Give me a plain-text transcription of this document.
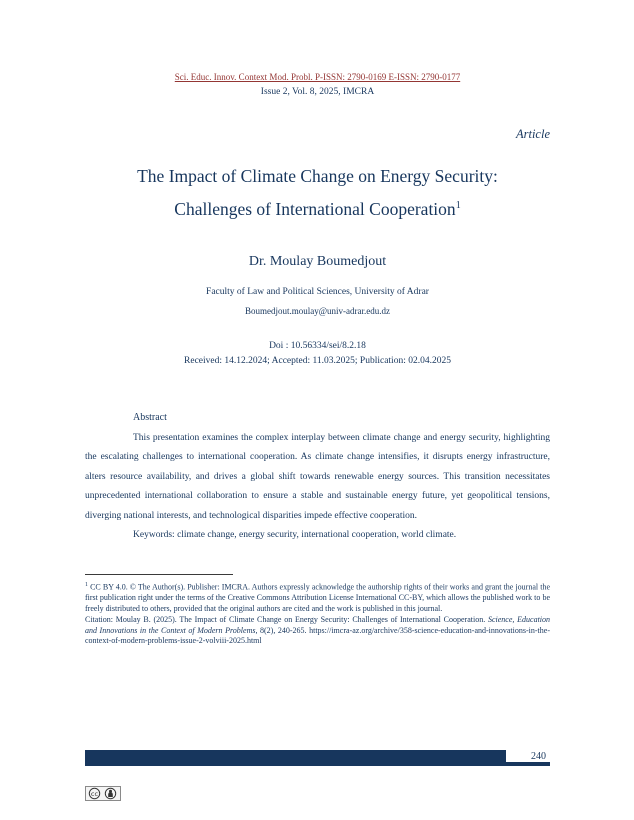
Sci. Educ. Innov. Context Mod. Probl. P-ISSN: 2790-0169 E-ISSN: 2790-0177
Issue 2, Vol. 8, 2025, IMCRA
Article
The Impact of Climate Change on Energy Security: Challenges of International Cooperation$^1$
Dr. Moulay Boumedjout
Faculty of Law and Political Sciences, University of Adrar
Boumedjout.moulay@univ-adrar.edu.dz
Doi : 10.56334/sei/8.2.18
Received: 14.12.2024; Accepted: 11.03.2025; Publication: 02.04.2025
Abstract

This presentation examines the complex interplay between climate change and energy security, highlighting the escalating challenges to international cooperation. As climate change intensifies, it disrupts energy infrastructure, alters resource availability, and drives a global shift towards renewable energy sources. This transition necessitates unprecedented international collaboration to ensure a stable and sustainable energy future, yet geopolitical tensions, diverging national interests, and technological disparities impede effective cooperation.

Keywords: climate change, energy security, international cooperation, world climate.

$^1$ CC BY 4.0. © The Author(s). Publisher: IMCRA. Authors expressly acknowledge the authorship rights of their works and grant the journal the first publication right under the terms of the Creative Commons Attribution License International CC-BY, which allows the published work to be freely distributed to others, provided that the original authors are cited and the work is published in this journal.

Citation: Moulay B. (2025). The Impact of Climate Change on Energy Security: Challenges of International Cooperation. Science, Education and Innovations in the Context of Modern Problems, 8(2), 240-265. https://imcra-az.org/archive/358-science-education-and-innovations-in-the-context-of-modern-problems-issue-2-volviii-2025.html

240
cc
